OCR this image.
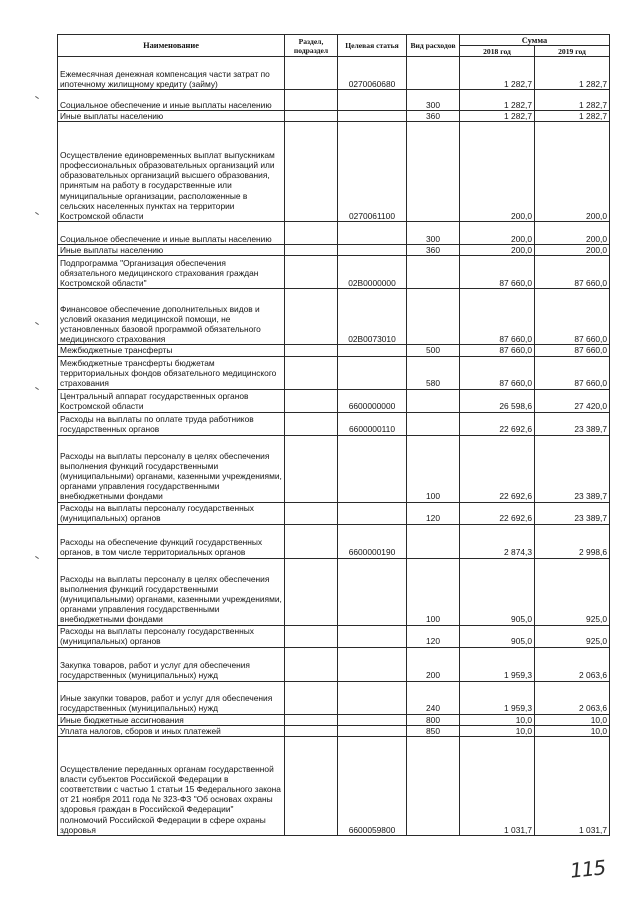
Наименование	Раздел, подраздел	Целевая статья	Вид расходов	Сумма	
				2018 год	2019 год
Ежемесячная денежная компенсация части затрат по ипотечному жилищному кредиту (займу)		0270060680		1 282,7	1 282,7
Социальное обеспечение и иные выплаты населению			300	1 282,7	1 282,7
Иные выплаты населению			360	1 282,7	1 282,7
Осуществление единовременных выплат выпускникам профессиональных образовательных организаций или образовательных организаций высшего образования, принятым на работу в государственные или муниципальные организации, расположенные в сельских населенных пунктах на территории Костромской области		0270061100		200,0	200,0
Социальное обеспечение и иные выплаты населению			300	200,0	200,0
Иные выплаты населению			360	200,0	200,0
Подпрограмма "Организация обеспечения обязательного медицинского страхования граждан Костромской области"		02В0000000		87 660,0	87 660,0
Финансовое обеспечение дополнительных видов и условий оказания медицинской помощи, не установленных базовой программой обязательного медицинского страхования		02В0073010		87 660,0	87 660,0
Межбюджетные трансферты			500	87 660,0	87 660,0
Межбюджетные трансферты бюджетам территориальных фондов обязательного медицинского страхования			580	87 660,0	87 660,0
Центральный аппарат государственных органов Костромской области		6600000000		26 598,6	27 420,0
Расходы на выплаты по оплате труда работников государственных органов		6600000110		22 692,6	23 389,7
Расходы на выплаты персоналу в целях обеспечения выполнения функций государственными (муниципальными) органами, казенными учреждениями, органами управления государственными внебюджетными фондами			100	22 692,6	23 389,7
Расходы на выплаты персоналу государственных (муниципальных) органов			120	22 692,6	23 389,7
Расходы на обеспечение функций государственных органов, в том числе территориальных органов		6600000190		2 874,3	2 998,6
Расходы на выплаты персоналу в целях обеспечения выполнения функций государственными (муниципальными) органами, казенными учреждениями, органами управления государственными внебюджетными фондами			100	905,0	925,0
Расходы на выплаты персоналу государственных (муниципальных) органов			120	905,0	925,0
Закупка товаров, работ и услуг для обеспечения государственных (муниципальных) нужд			200	1 959,3	2 063,6
Иные закупки товаров, работ и услуг для обеспечения государственных (муниципальных) нужд			240	1 959,3	2 063,6
Иные бюджетные ассигнования			800	10,0	10,0
Уплата налогов, сборов и иных платежей			850	10,0	10,0
Осуществление переданных органам государственной власти субъектов Российской Федерации в соответствии с частью 1 статьи 15 Федерального закона от 21 ноября 2011 года № 323-ФЗ "Об основах охраны здоровья граждан в Российской Федерации" полномочий Российской Федерации в сфере охраны здоровья		6600059800		1 031,7	1 031,7
115
